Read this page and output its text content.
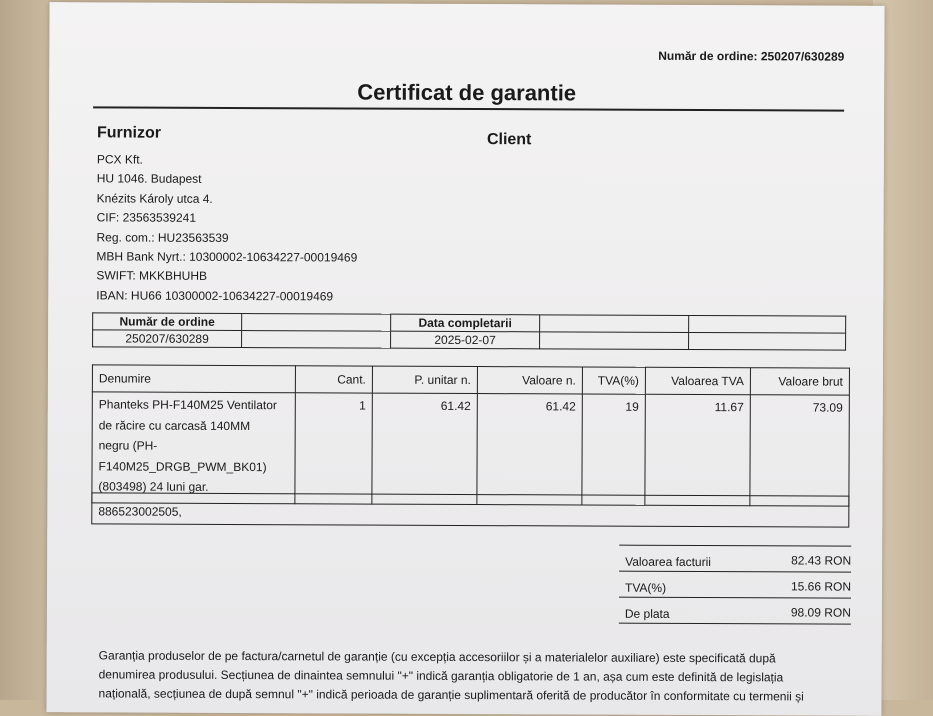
Număr de ordine: 250207/630289
Certificat de garantie
Furnizor	Client
PCX Kft.
HU 1046. Budapest
Knézits Károly utca 4.
CIF: 23563539241
Reg. com.: HU23563539
MBH Bank Nyrt.: 10300002-10634227-00019469
SWIFT: MKKBHUHB
IBAN: HU66 10300002-10634227-00019469
Număr de ordine		Data completarii		
250207/630289		2025-02-07		
Denumire	Cant.	P. unitar n.	Valoare n.	TVA(%)	Valoarea TVA	Valoare brut

Phanteks PH-F140M25 Ventilator
de răcire cu carcasă 140MM
negru (PH-
F140M25_DRGB_PWM_BK01)
(803498) 24 luni gar.	1	61.42	61.42	19	11.67	73.09
886523002505,
Valoarea facturii	82.43 RON
TVA(%)	15.66 RON
De plata	98.09 RON
Garanția produselor de pe factura/carnetul de garanție (cu excepția accesoriilor și a materialelor auxiliare) este specificată după
denumirea produsului. Secțiunea de dinaintea semnului "+" indică garanția obligatorie de 1 an, așa cum este definită de legislația
națională, secțiunea de după semnul "+" indică perioada de garanție suplimentară oferită de producător în conformitate cu termenii și
